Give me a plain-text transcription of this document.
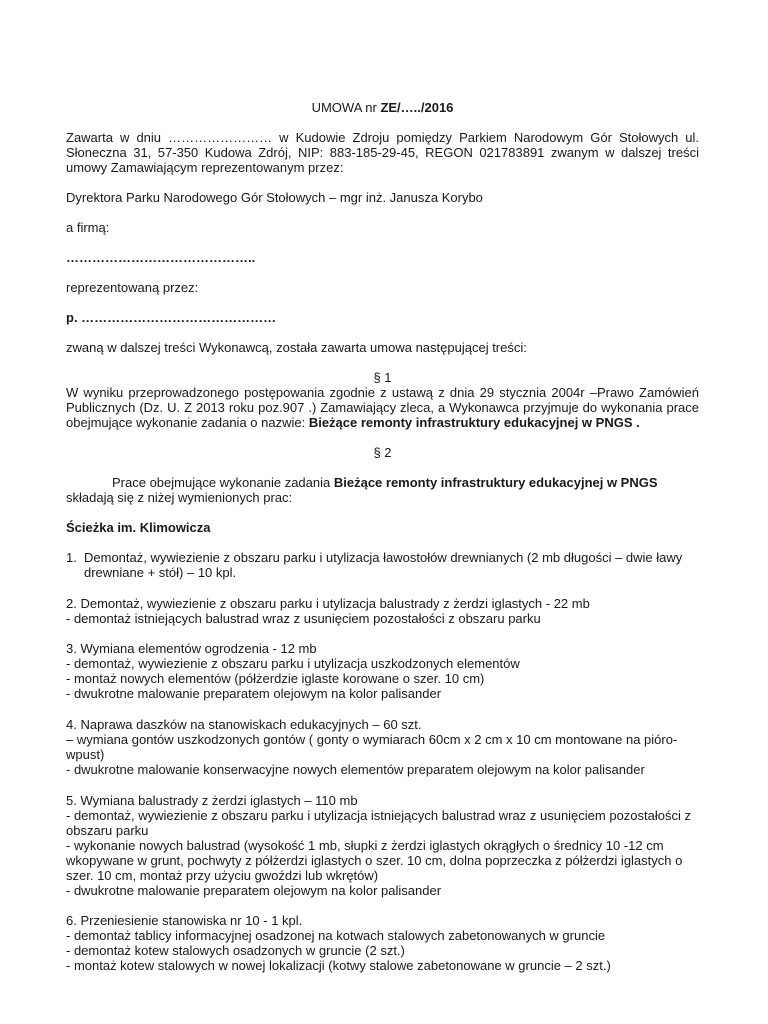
UMOWA nr ZE/…../2016

Zawarta w dniu …………………… w Kudowie Zdroju pomiędzy Parkiem Narodowym Gór Stołowych ul. Słoneczna 31, 57-350 Kudowa Zdrój, NIP: 883-185-29-45, REGON 021783891 zwanym w dalszej treści umowy Zamawiającym reprezentowanym przez:

Dyrektora Parku Narodowego Gór Stołowych – mgr inż. Janusza Korybo

a firmą:

……………………………………..

reprezentowaną przez:

p. ………………………………………

zwaną w dalszej treści Wykonawcą, została zawarta umowa następującej treści:

§ 1

W wyniku przeprowadzonego postępowania zgodnie z ustawą z dnia 29 stycznia 2004r –Prawo Zamówień Publicznych (Dz. U. Z 2013 roku poz.907 .) Zamawiający zleca, a Wykonawca przyjmuje do wykonania prace obejmujące wykonanie zadania o nazwie: Bieżące remonty infrastruktury edukacyjnej w PNGS .

§ 2

Prace obejmujące wykonanie zadania Bieżące remonty infrastruktury edukacyjnej w PNGS składają się z niżej wymienionych prac:

Ścieżka im. Klimowicza

1. Demontaż, wywiezienie z obszaru parku i utylizacja ławostołów drewnianych (2 mb długości – dwie ławy drewniane + stół) – 10 kpl.

2. Demontaż, wywiezienie z obszaru parku i utylizacja balustrady z żerdzi iglastych - 22 mb
- demontaż istniejących balustrad wraz z usunięciem pozostałości z obszaru parku

3. Wymiana elementów ogrodzenia - 12 mb
- demontaż, wywiezienie z obszaru parku i utylizacja uszkodzonych elementów
- montaż nowych elementów (półżerdzie iglaste korowane o szer. 10 cm)
- dwukrotne malowanie preparatem olejowym na kolor palisander

4. Naprawa daszków na stanowiskach edukacyjnych – 60 szt.
– wymiana gontów uszkodzonych gontów ( gonty o wymiarach 60cm x 2 cm x 10 cm montowane na pióro-wpust)
- dwukrotne malowanie konserwacyjne nowych elementów preparatem olejowym na kolor palisander

5. Wymiana balustrady z żerdzi iglastych – 110 mb
- demontaż, wywiezienie z obszaru parku i utylizacja istniejących balustrad wraz z usunięciem pozostałości z obszaru parku
- wykonanie nowych balustrad (wysokość 1 mb, słupki z żerdzi iglastych okrągłych o średnicy 10 -12 cm wkopywane w grunt, pochwyty z półżerdzi iglastych o szer. 10 cm, dolna poprzeczka z półżerdzi iglastych o szer. 10 cm, montaż przy użyciu gwoździ lub wkrętów)
- dwukrotne malowanie preparatem olejowym na kolor palisander

6. Przeniesienie stanowiska nr 10 - 1 kpl.
- demontaż tablicy informacyjnej osadzonej na kotwach stalowych zabetonowanych w gruncie
- demontaż kotew stalowych osadzonych w gruncie (2 szt.)
- montaż kotew stalowych w nowej lokalizacji (kotwy stalowe zabetonowane w gruncie – 2 szt.)
